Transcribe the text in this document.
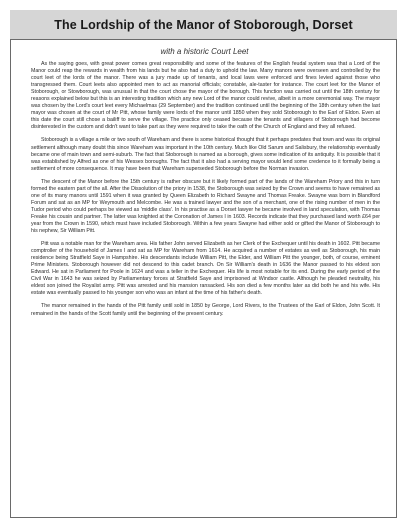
The Lordship of the Manor of Stoborough, Dorset
with a historic Court Leet

As the saying goes, with great power comes great responsibility and some of the features of the English feudal system was that a Lord of the Manor could reap the rewards in wealth from his lands but he also had a duty to uphold the law. Many manors were overseen and controlled by the court leet of the lords of the manor. There was a jury made up of tenants, and local laws were enforced and fines levied against those who transgressed them. Court leets also appointed men to act as manorial officials; constable, ale-taster for instance. The court leet for the Manor of Stoborough, or Stowborough, was unusual in that the court chose the mayor of the borough. This function was carried out until the 18th century for reasons explained below but this is an interesting tradition which any new Lord of the manor could revive, albeit in a more ceremonial way. The mayor was chosen by the Lord's court leet every Michaelmas (29 September) and the tradition continued until the beginning of the 18th century when the last mayor was chosen at the court of Mr Pitt, whose family were lords of the manor until 1850 when they sold Stoborough to the Earl of Eldon. Even at this date the court still chose a bailiff to serve the village. The practice only ceased because the tenants and villagers of Stoborough had become disinterested in the custom and didn't want to take part as they were required to take the oath of the Church of England and they all refused.

Stoborough is a village a mile or two south of Wareham and there is some historical thought that it perhaps predates that town and was its original settlement although many doubt this since Wareham was important in the 10th century. Much like Old Sarum and Salisbury, the relationship eventually became one of main town and semi-suburb. The fact that Stoborough is named as a borough, gives some indication of its antiquity. It is possible that it was established by Alfred as one of his Wessex boroughs. The fact that it also had a serving mayor would lend some credence to it formally being a settlement of more consequence. It may have been that Wareham superseded Stoborough before the Norman invasion.

The descent of the Manor before the 15th century is rather obscure but it likely formed part of the lands of the Wareham Priory and this in turn formed the eastern part of the all. After the Dissolution of the priory in 1538, the Stoborough was seized by the Crown and seems to have remained as one of its many manors until 1591 when it was granted by Queen Elizabeth to Richard Swayne and Thomas Freake. Swayne was born in Blandford Forum and sat as an MP for Weymouth and Melcombe. He was a trained lawyer and the son of a merchant, one of the rising number of men in the Tudor period who could perhaps be viewed as 'middle class'. In his practise as a Dorset lawyer he became involved in land speculation, with Thomas Freake his cousin and partner. The latter was knighted at the Coronation of James I in 1603. Records indicate that they purchased land worth £64 per year from the Crown in 1590, which must have included Stoborough. Within a few years Swayne had either sold or gifted the Manor of Stoborough to his nephew, Sir William Pitt.

Pitt was a notable man for the Wareham area. His father John served Elizabeth as her Clerk of the Exchequer until his death in 1602. Pitt became comptroller of the household of James I and sat as MP for Wareham from 1614. He acquired a number of estates as well as Stoborough, his main residence being Stratfield Saye in Hampshire. His descendants include William Pitt, the Elder, and William Pitt the younger, both, of course, eminent Prime Ministers. Stoborough however did not descend to this cadet branch. On Sir William's death in 1636 the Manor passed to his eldest son Edward. He sat in Parliament for Poole in 1624 and was a teller in the Exchequer. His life is most notable for its end. During the early period of the Civil War in 1643 he was seized by Parliamentary forces at Stratfield Saye and imprisoned at Windsor castle. Although he pleaded neutrality, his eldest son joined the Royalist army. Pitt was arrested and his mansion ransacked. His son died a few months later as did both he and his wife. His estate was eventually passed to his younger son who was an infant at the time of his father's death.

The manor remained in the hands of the Pitt family until sold in 1850 by George, Lord Rivers, to the Trustees of the Earl of Eldon, John Scott. It remained in the hands of the Scott family until the beginning of the present century.
